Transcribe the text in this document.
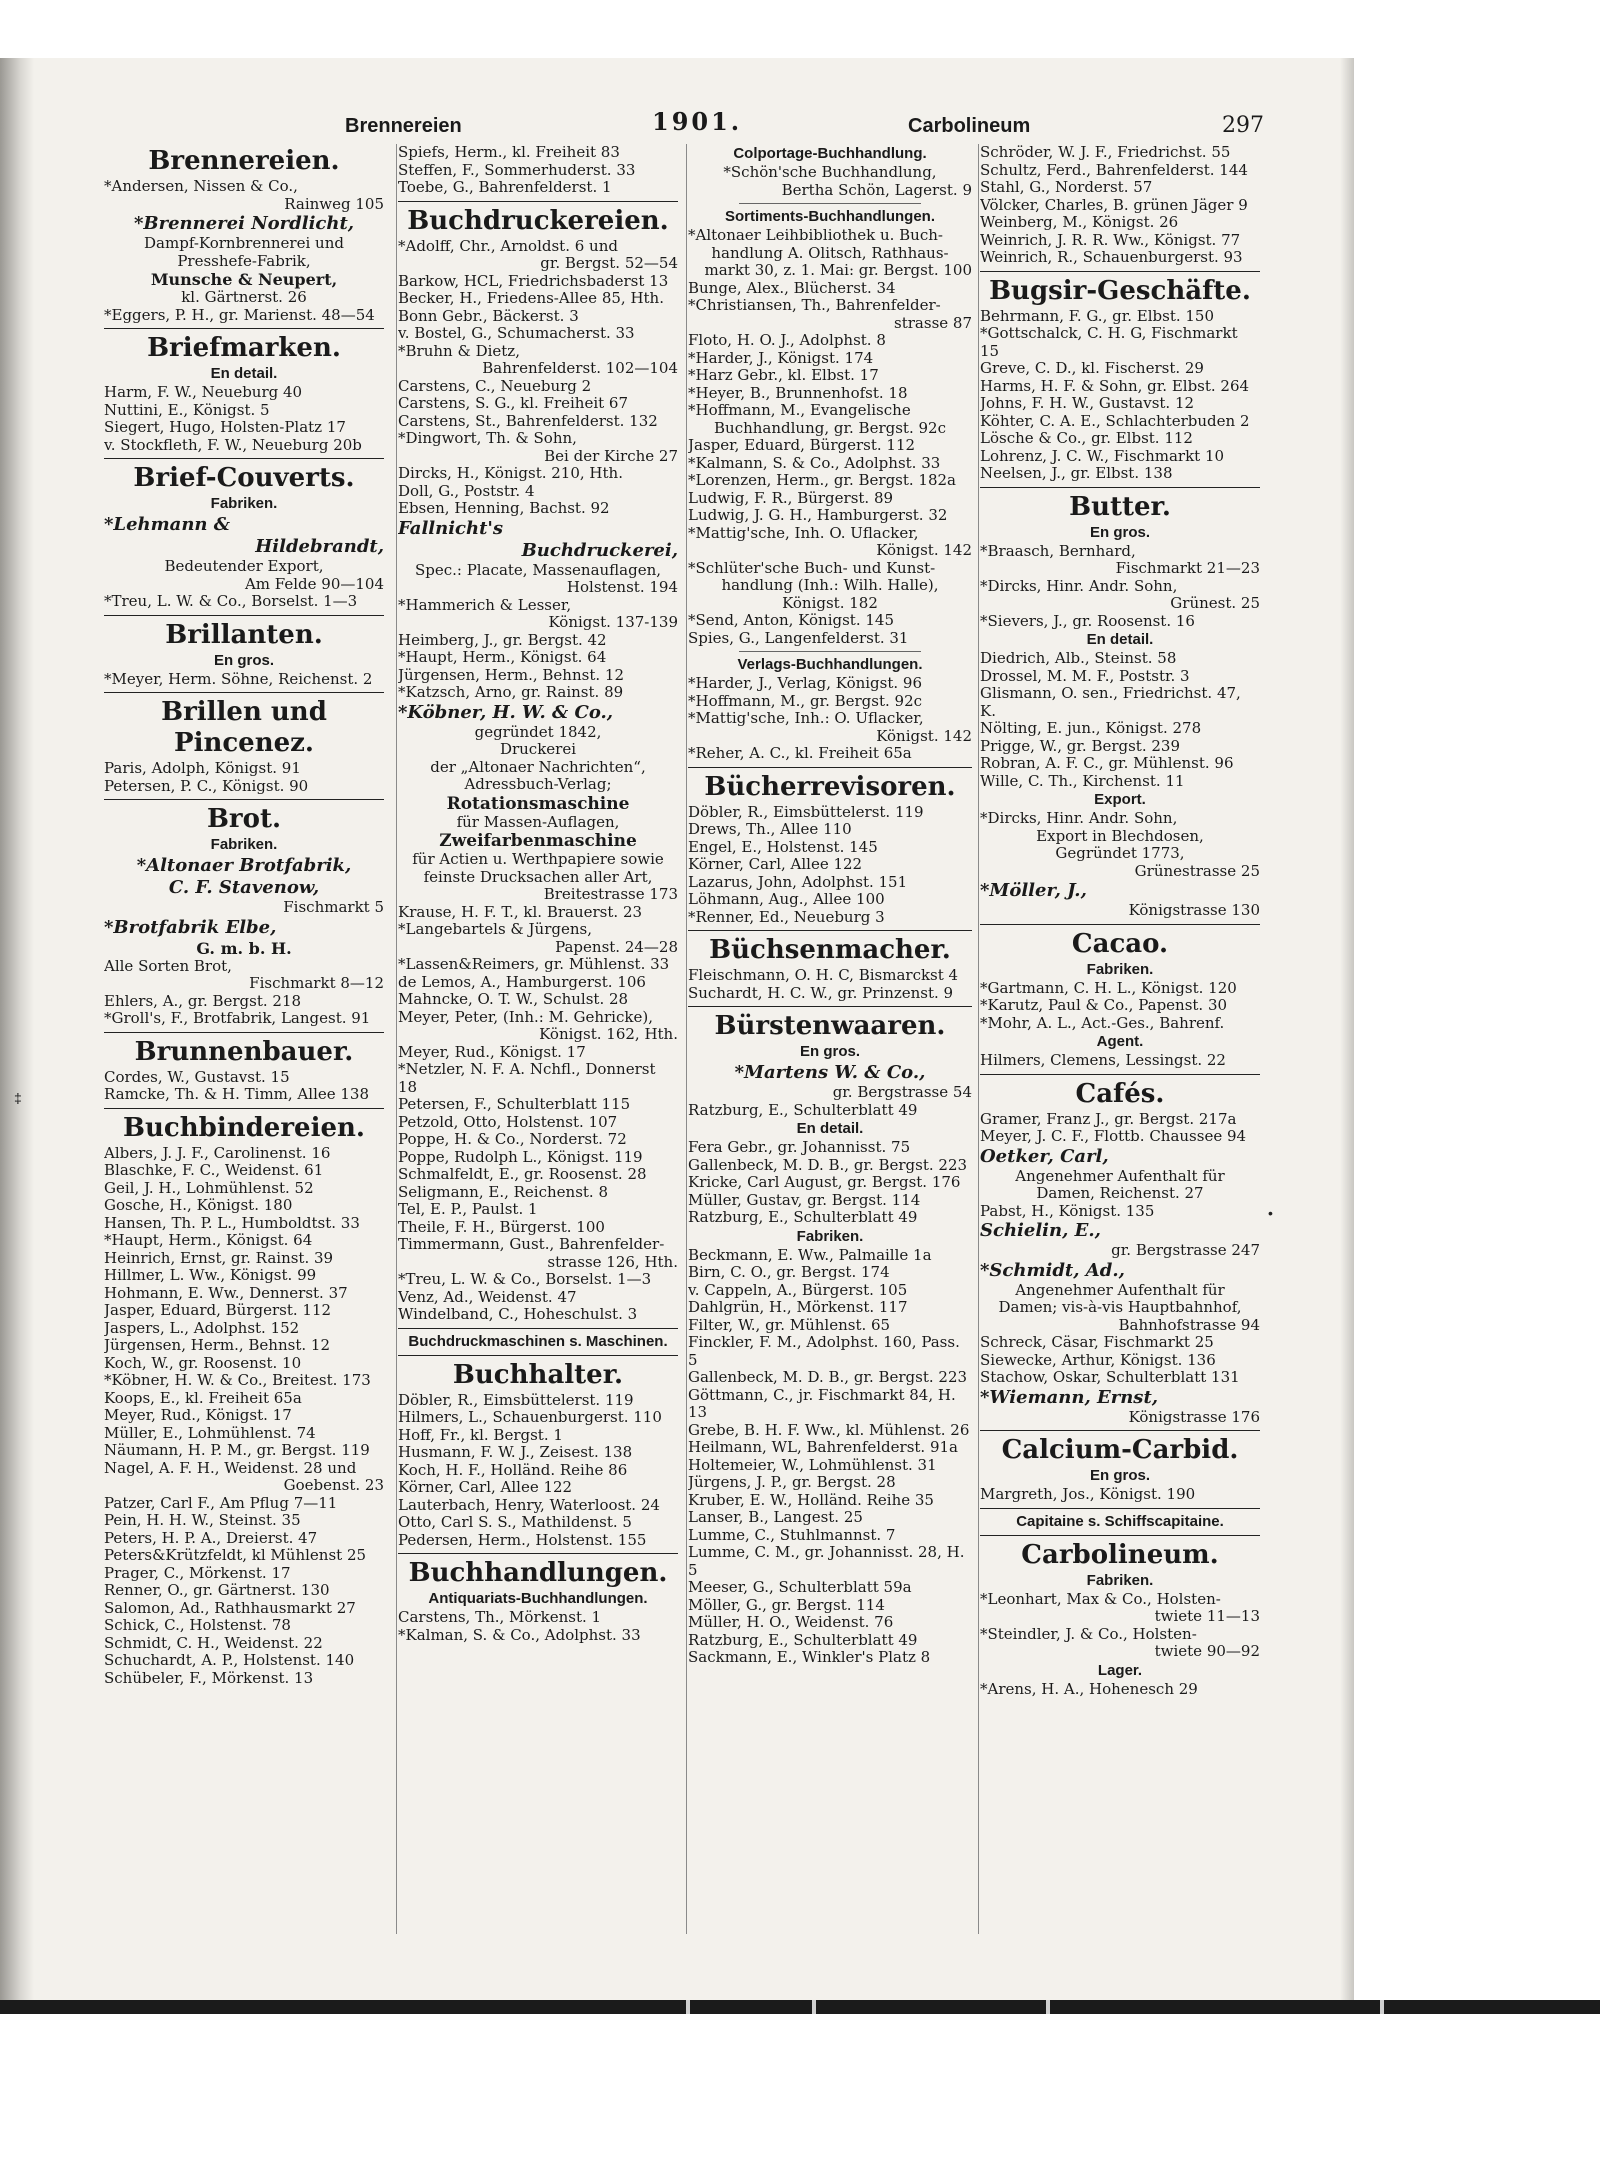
‡
•
Brennereien	1901.	Carbolineum	297
Brennereien.
*Andersen, Nissen & Co.,
Rainweg 105
*Brennerei Nordlicht,
Dampf-Kornbrennerei und
Presshefe-Fabrik,
Munsche & Neupert,
kl. Gärtnerst. 26
*Eggers, P. H., gr. Marienst. 48—54
Briefmarken.
En detail.
Harm, F. W., Neueburg 40
Nuttini, E., Königst. 5
Siegert, Hugo, Holsten-Platz 17
v. Stockfleth, F. W., Neueburg 20b
Brief-Couverts.
Fabriken.
*Lehmann &
Hildebrandt,
Bedeutender Export,
Am Felde 90—104
*Treu, L. W. & Co., Borselst. 1—3
Brillanten.
En gros.
*Meyer, Herm. Söhne, Reichenst. 2
Brillen und Pincenez.
Paris, Adolph, Königst. 91
Petersen, P. C., Königst. 90
Brot.
Fabriken.
*Altonaer Brotfabrik,
C. F. Stavenow,
Fischmarkt 5
*Brotfabrik Elbe,
G. m. b. H.
Alle Sorten Brot,
Fischmarkt 8—12
Ehlers, A., gr. Bergst. 218
*Groll's, F., Brotfabrik, Langest. 91
Brunnenbauer.
Cordes, W., Gustavst. 15
Ramcke, Th. & H. Timm, Allee 138
Buchbindereien.
Albers, J. J. F., Carolinenst. 16
Blaschke, F. C., Weidenst. 61
Geil, J. H., Lohmühlenst. 52
Gosche, H., Königst. 180
Hansen, Th. P. L., Humboldtst. 33
*Haupt, Herm., Königst. 64
Heinrich, Ernst, gr. Rainst. 39
Hillmer, L. Ww., Königst. 99
Hohmann, E. Ww., Dennerst. 37
Jasper, Eduard, Bürgerst. 112
Jaspers, L., Adolphst. 152
Jürgensen, Herm., Behnst. 12
Koch, W., gr. Roosenst. 10
*Köbner, H. W. & Co., Breitest. 173
Koops, E., kl. Freiheit 65a
Meyer, Rud., Königst. 17
Müller, E., Lohmühlenst. 74
Näumann, H. P. M., gr. Bergst. 119
Nagel, A. F. H., Weidenst. 28 und
Goebenst. 23
Patzer, Carl F., Am Pflug 7—11
Pein, H. H. W., Steinst. 35
Peters, H. P. A., Dreierst. 47
Peters&Krützfeldt, kl Mühlenst 25
Prager, C., Mörkenst. 17
Renner, O., gr. Gärtnerst. 130
Salomon, Ad., Rathhausmarkt 27
Schick, C., Holstenst. 78
Schmidt, C. H., Weidenst. 22
Schuchardt, A. P., Holstenst. 140
Schübeler, F., Mörkenst. 13
Spiefs, Herm., kl. Freiheit 83
Steffen, F., Sommerhuderst. 33
Toebe, G., Bahrenfelderst. 1
Buchdruckereien.
*Adolff, Chr., Arnoldst. 6 und
gr. Bergst. 52—54
Barkow, HCL, Friedrichsbaderst 13
Becker, H., Friedens-Allee 85, Hth.
Bonn Gebr., Bäckerst. 3
v. Bostel, G., Schumacherst. 33
*Bruhn & Dietz,
Bahrenfelderst. 102—104
Carstens, C., Neueburg 2
Carstens, S. G., kl. Freiheit 67
Carstens, St., Bahrenfelderst. 132
*Dingwort, Th. & Sohn,
Bei der Kirche 27
Dircks, H., Königst. 210, Hth.
Doll, G., Poststr. 4
Ebsen, Henning, Bachst. 92
Fallnicht's
Buchdruckerei,
Spec.: Placate, Massenauflagen,
Holstenst. 194
*Hammerich & Lesser,
Königst. 137-139
Heimberg, J., gr. Bergst. 42
*Haupt, Herm., Königst. 64
Jürgensen, Herm., Behnst. 12
*Katzsch, Arno, gr. Rainst. 89
*Köbner, H. W. & Co.,
gegründet 1842,
Druckerei
der „Altonaer Nachrichten“,
Adressbuch-Verlag;
Rotationsmaschine
für Massen-Auflagen,
Zweifarbenmaschine
für Actien u. Werthpapiere sowie
feinste Drucksachen aller Art,
Breitestrasse 173
Krause, H. F. T., kl. Brauerst. 23
*Langebartels & Jürgens,
Papenst. 24—28
*Lassen&Reimers, gr. Mühlenst. 33
de Lemos, A., Hamburgerst. 106
Mahncke, O. T. W., Schulst. 28
Meyer, Peter, (Inh.: M. Gehricke),
Königst. 162, Hth.
Meyer, Rud., Königst. 17
*Netzler, N. F. A. Nchfl., Donnerst 18
Petersen, F., Schulterblatt 115
Petzold, Otto, Holstenst. 107
Poppe, H. & Co., Norderst. 72
Poppe, Rudolph L., Königst. 119
Schmalfeldt, E., gr. Roosenst. 28
Seligmann, E., Reichenst. 8
Tel, E. P., Paulst. 1
Theile, F. H., Bürgerst. 100
Timmermann, Gust., Bahrenfelder-
strasse 126, Hth.
*Treu, L. W. & Co., Borselst. 1—3
Venz, Ad., Weidenst. 47
Windelband, C., Hoheschulst. 3
Buchdruckmaschinen s. Maschinen.
Buchhalter.
Döbler, R., Eimsbüttelerst. 119
Hilmers, L., Schauenburgerst. 110
Hoff, Fr., kl. Bergst. 1
Husmann, F. W. J., Zeisest. 138
Koch, H. F., Holländ. Reihe 86
Körner, Carl, Allee 122
Lauterbach, Henry, Waterloost. 24
Otto, Carl S. S., Mathildenst. 5
Pedersen, Herm., Holstenst. 155
Buchhandlungen.
Antiquariats-Buchhandlungen.
Carstens, Th., Mörkenst. 1
*Kalman, S. & Co., Adolphst. 33
Colportage-Buchhandlung.
*Schön'sche Buchhandlung,
Bertha Schön, Lagerst. 9
Sortiments-Buchhandlungen.
*Altonaer Leihbibliothek u. Buch-
handlung A. Olitsch, Rathhaus-
markt 30, z. 1. Mai: gr. Bergst. 100
Bunge, Alex., Blücherst. 34
*Christiansen, Th., Bahrenfelder-
strasse 87
Floto, H. O. J., Adolphst. 8
*Harder, J., Königst. 174
*Harz Gebr., kl. Elbst. 17
*Heyer, B., Brunnenhofst. 18
*Hoffmann, M., Evangelische
Buchhandlung, gr. Bergst. 92c
Jasper, Eduard, Bürgerst. 112
*Kalmann, S. & Co., Adolphst. 33
*Lorenzen, Herm., gr. Bergst. 182a
Ludwig, F. R., Bürgerst. 89
Ludwig, J. G. H., Hamburgerst. 32
*Mattig'sche, Inh. O. Uflacker,
Königst. 142
*Schlüter'sche Buch- und Kunst-
handlung (Inh.: Wilh. Halle),
Königst. 182
*Send, Anton, Königst. 145
Spies, G., Langenfelderst. 31
Verlags-Buchhandlungen.
*Harder, J., Verlag, Königst. 96
*Hoffmann, M., gr. Bergst. 92c
*Mattig'sche, Inh.: O. Uflacker,
Königst. 142
*Reher, A. C., kl. Freiheit 65a
Bücherrevisoren.
Döbler, R., Eimsbüttelerst. 119
Drews, Th., Allee 110
Engel, E., Holstenst. 145
Körner, Carl, Allee 122
Lazarus, John, Adolphst. 151
Löhmann, Aug., Allee 100
*Renner, Ed., Neueburg 3
Büchsenmacher.
Fleischmann, O. H. C, Bismarckst 4
Suchardt, H. C. W., gr. Prinzenst. 9
Bürstenwaaren.
En gros.
*Martens W. & Co.,
gr. Bergstrasse 54
Ratzburg, E., Schulterblatt 49
En detail.
Fera Gebr., gr. Johannisst. 75
Gallenbeck, M. D. B., gr. Bergst. 223
Kricke, Carl August, gr. Bergst. 176
Müller, Gustav, gr. Bergst. 114
Ratzburg, E., Schulterblatt 49
Fabriken.
Beckmann, E. Ww., Palmaille 1a
Birn, C. O., gr. Bergst. 174
v. Cappeln, A., Bürgerst. 105
Dahlgrün, H., Mörkenst. 117
Filter, W., gr. Mühlenst. 65
Finckler, F. M., Adolphst. 160, Pass. 5
Gallenbeck, M. D. B., gr. Bergst. 223
Göttmann, C., jr. Fischmarkt 84, H. 13
Grebe, B. H. F. Ww., kl. Mühlenst. 26
Heilmann, WL, Bahrenfelderst. 91a
Holtemeier, W., Lohmühlenst. 31
Jürgens, J. P., gr. Bergst. 28
Kruber, E. W., Holländ. Reihe 35
Lanser, B., Langest. 25
Lumme, C., Stuhlmannst. 7
Lumme, C. M., gr. Johannisst. 28, H. 5
Meeser, G., Schulterblatt 59a
Möller, G., gr. Bergst. 114
Müller, H. O., Weidenst. 76
Ratzburg, E., Schulterblatt 49
Sackmann, E., Winkler's Platz 8
Schröder, W. J. F., Friedrichst. 55
Schultz, Ferd., Bahrenfelderst. 144
Stahl, G., Norderst. 57
Völcker, Charles, B. grünen Jäger 9
Weinberg, M., Königst. 26
Weinrich, J. R. R. Ww., Königst. 77
Weinrich, R., Schauenburgerst. 93
Bugsir-Geschäfte.
Behrmann, F. G., gr. Elbst. 150
*Gottschalck, C. H. G, Fischmarkt 15
Greve, C. D., kl. Fischerst. 29
Harms, H. F. & Sohn, gr. Elbst. 264
Johns, F. H. W., Gustavst. 12
Köhter, C. A. E., Schlachterbuden 2
Lösche & Co., gr. Elbst. 112
Lohrenz, J. C. W., Fischmarkt 10
Neelsen, J., gr. Elbst. 138
Butter.
En gros.
*Braasch, Bernhard,
Fischmarkt 21—23
*Dircks, Hinr. Andr. Sohn,
Grünest. 25
*Sievers, J., gr. Roosenst. 16
En detail.
Diedrich, Alb., Steinst. 58
Drossel, M. M. F., Poststr. 3
Glismann, O. sen., Friedrichst. 47, K.
Nölting, E. jun., Königst. 278
Prigge, W., gr. Bergst. 239
Robran, A. F. C., gr. Mühlenst. 96
Wille, C. Th., Kirchenst. 11
Export.
*Dircks, Hinr. Andr. Sohn,
Export in Blechdosen,
Gegründet 1773,
Grünestrasse 25
*Möller, J.,
Königstrasse 130
Cacao.
Fabriken.
*Gartmann, C. H. L., Königst. 120
*Karutz, Paul & Co., Papenst. 30
*Mohr, A. L., Act.-Ges., Bahrenf.
Agent.
Hilmers, Clemens, Lessingst. 22
Cafés.
Gramer, Franz J., gr. Bergst. 217a
Meyer, J. C. F., Flottb. Chaussee 94
Oetker, Carl,
Angenehmer Aufenthalt für
Damen, Reichenst. 27
Pabst, H., Königst. 135
Schielin, E.,
gr. Bergstrasse 247
*Schmidt, Ad.,
Angenehmer Aufenthalt für
Damen; vis-à-vis Hauptbahnhof,
Bahnhofstrasse 94
Schreck, Cäsar, Fischmarkt 25
Siewecke, Arthur, Königst. 136
Stachow, Oskar, Schulterblatt 131
*Wiemann, Ernst,
Königstrasse 176
Calcium-Carbid.
En gros.
Margreth, Jos., Königst. 190
Capitaine s. Schiffscapitaine.
Carbolineum.
Fabriken.
*Leonhart, Max & Co., Holsten-
twiete 11—13
*Steindler, J. & Co., Holsten-
twiete 90—92
Lager.
*Arens, H. A., Hohenesch 29
